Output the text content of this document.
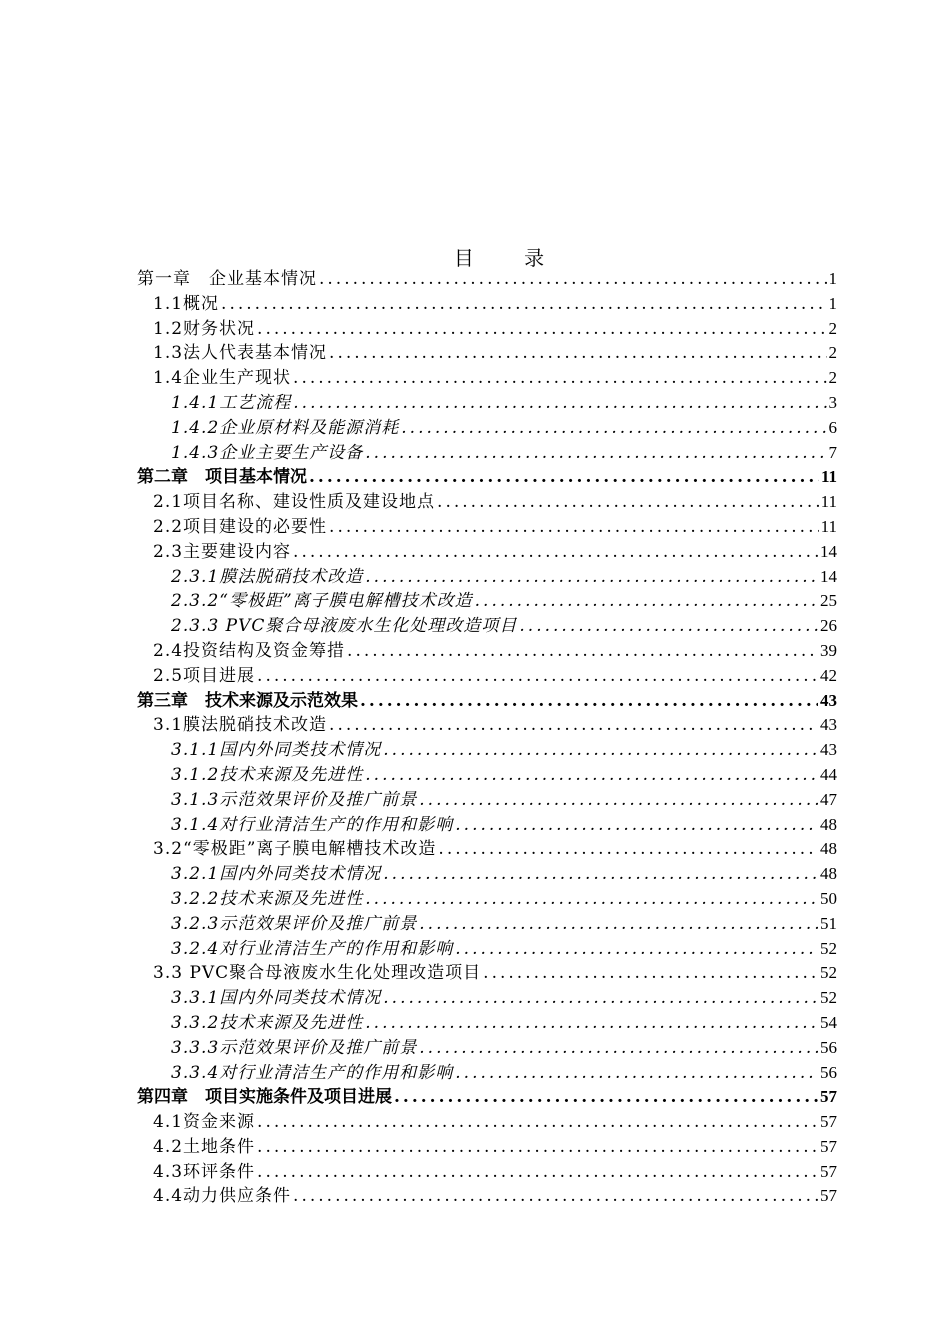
目 录
第一章　企业基本情况 .....	1
1.1概况 .....	1
1.2财务状况 .....	2
1.3法人代表基本情况 .....	2
1.4企业生产现状 .....	2
1.4.1工艺流程 .....	3
1.4.2企业原材料及能源消耗 .....	6
1.4.3企业主要生产设备 .....	7
第二章　项目基本情况 .....	11
2.1项目名称、建设性质及建设地点 .....	11
2.2项目建设的必要性 .....	11
2.3主要建设内容 .....	14
2.3.1膜法脱硝技术改造 .....	14
2.3.2“零极距”离子膜电解槽技术改造 .....	25
2.3.3 PVC聚合母液废水生化处理改造项目 .....	26
2.4投资结构及资金筹措 .....	39
2.5项目进展 .....	42
第三章　技术来源及示范效果 .....	43
3.1膜法脱硝技术改造 .....	43
3.1.1国内外同类技术情况 .....	43
3.1.2技术来源及先进性 .....	44
3.1.3示范效果评价及推广前景 .....	47
3.1.4对行业清洁生产的作用和影响 .....	48
3.2“零极距”离子膜电解槽技术改造 .....	48
3.2.1国内外同类技术情况 .....	48
3.2.2技术来源及先进性 .....	50
3.2.3示范效果评价及推广前景 .....	51
3.2.4对行业清洁生产的作用和影响 .....	52
3.3 PVC聚合母液废水生化处理改造项目 .....	52
3.3.1国内外同类技术情况 .....	52
3.3.2技术来源及先进性 .....	54
3.3.3示范效果评价及推广前景 .....	56
3.3.4对行业清洁生产的作用和影响 .....	56
第四章　项目实施条件及项目进展 .....	57
4.1资金来源 .....	57
4.2土地条件 .....	57
4.3环评条件 .....	57
4.4动力供应条件 .....	57
